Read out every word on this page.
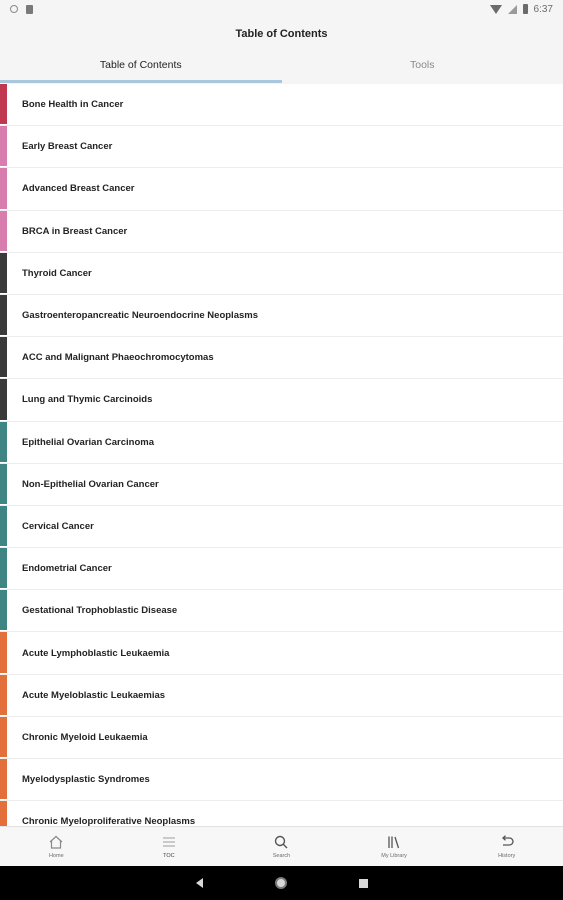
6:37
Table of Contents
Table of Contents	Tools
Bone Health in Cancer
Early Breast Cancer
Advanced Breast Cancer
BRCA in Breast Cancer
Thyroid Cancer
Gastroenteropancreatic Neuroendocrine Neoplasms
ACC and Malignant Phaeochromocytomas
Lung and Thymic Carcinoids
Epithelial Ovarian Carcinoma
Non-Epithelial Ovarian Cancer
Cervical Cancer
Endometrial Cancer
Gestational Trophoblastic Disease
Acute Lymphoblastic Leukaemia
Acute Myeloblastic Leukaemias
Chronic Myeloid Leukaemia
Myelodysplastic Syndromes
Chronic Myeloproliferative Neoplasms
Home	TOC	Search	My Library	History
